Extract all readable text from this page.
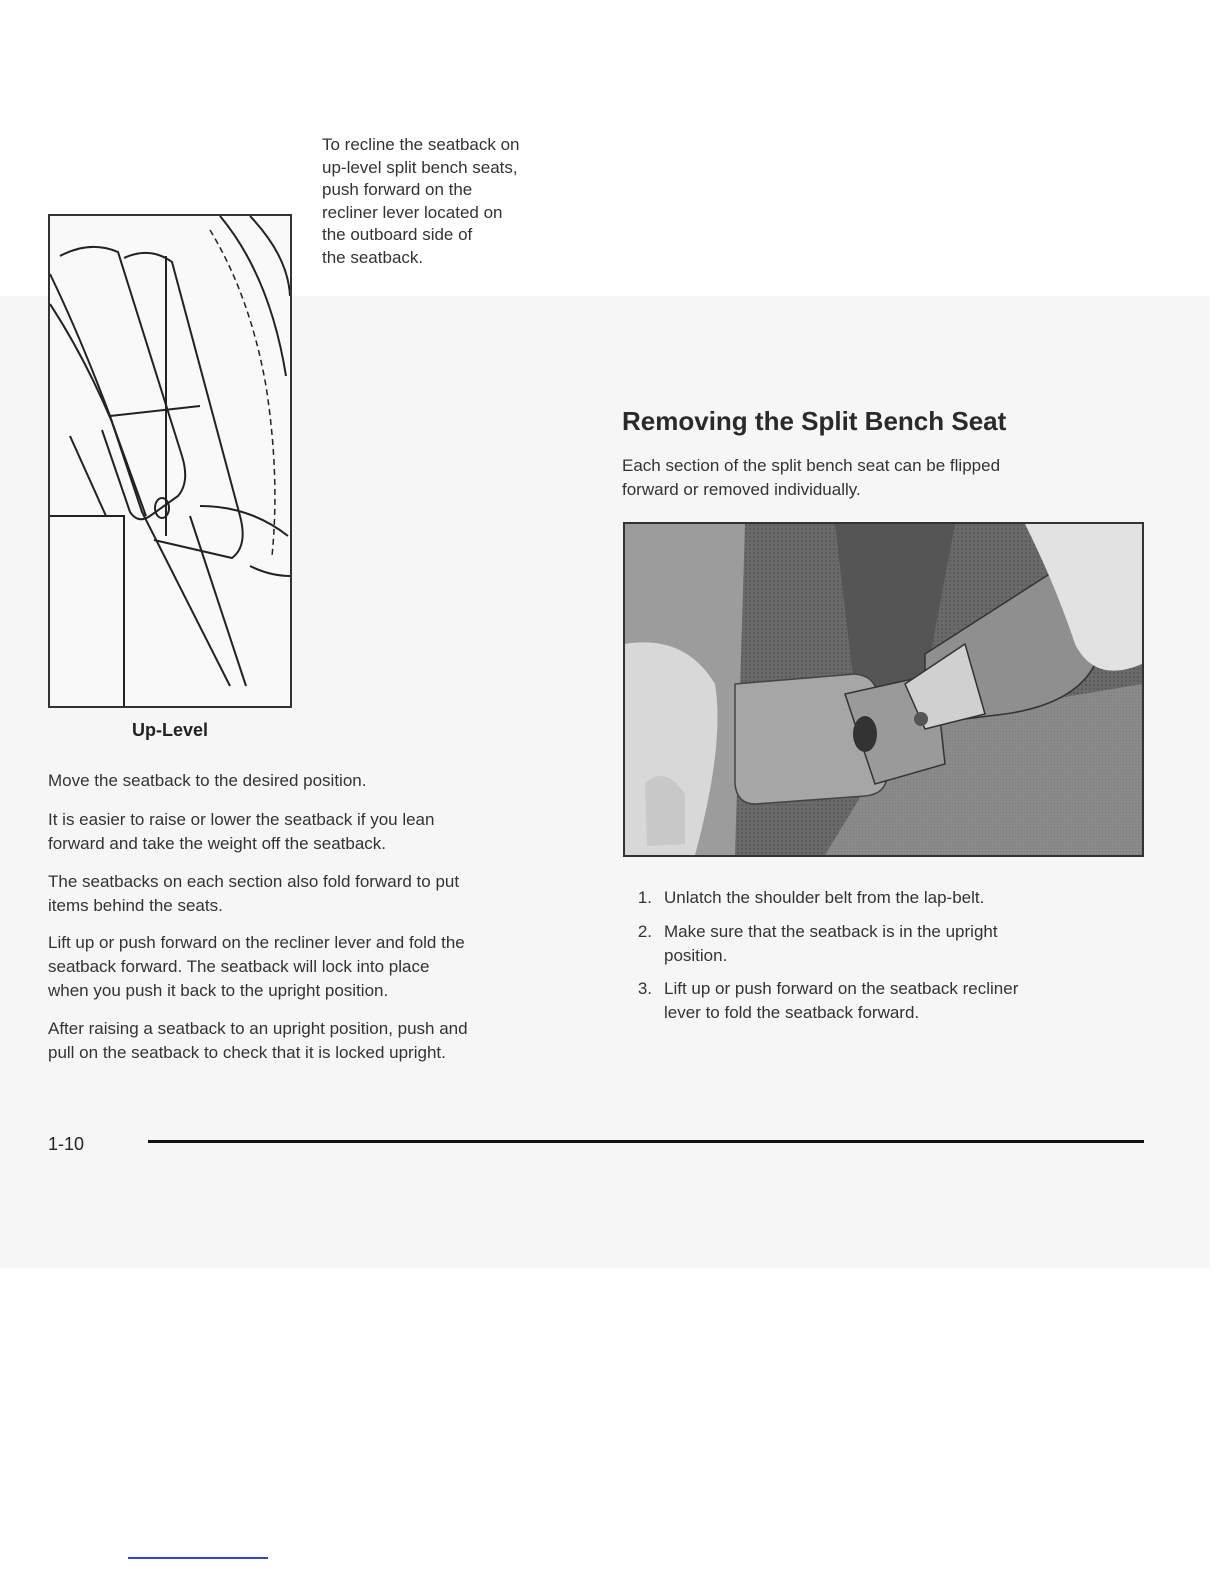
Up-Level
To recline the seatback on
up-level split bench seats,
push forward on the
recliner lever located on
the outboard side of
the seatback.
Move the seatback to the desired position.
It is easier to raise or lower the seatback if you lean
forward and take the weight off the seatback.
The seatbacks on each section also fold forward to put
items behind the seats.
Lift up or push forward on the recliner lever and fold the
seatback forward. The seatback will lock into place
when you push it back to the upright position.
After raising a seatback to an upright position, push and
pull on the seatback to check that it is locked upright.
Removing the Split Bench Seat
Each section of the split bench seat can be flipped
forward or removed individually.
1. Unlatch the shoulder belt from the lap-belt.
2. Make sure that the seatback is in the upright
position.
3. Lift up or push forward on the seatback recliner
lever to fold the seatback forward.
1-10
